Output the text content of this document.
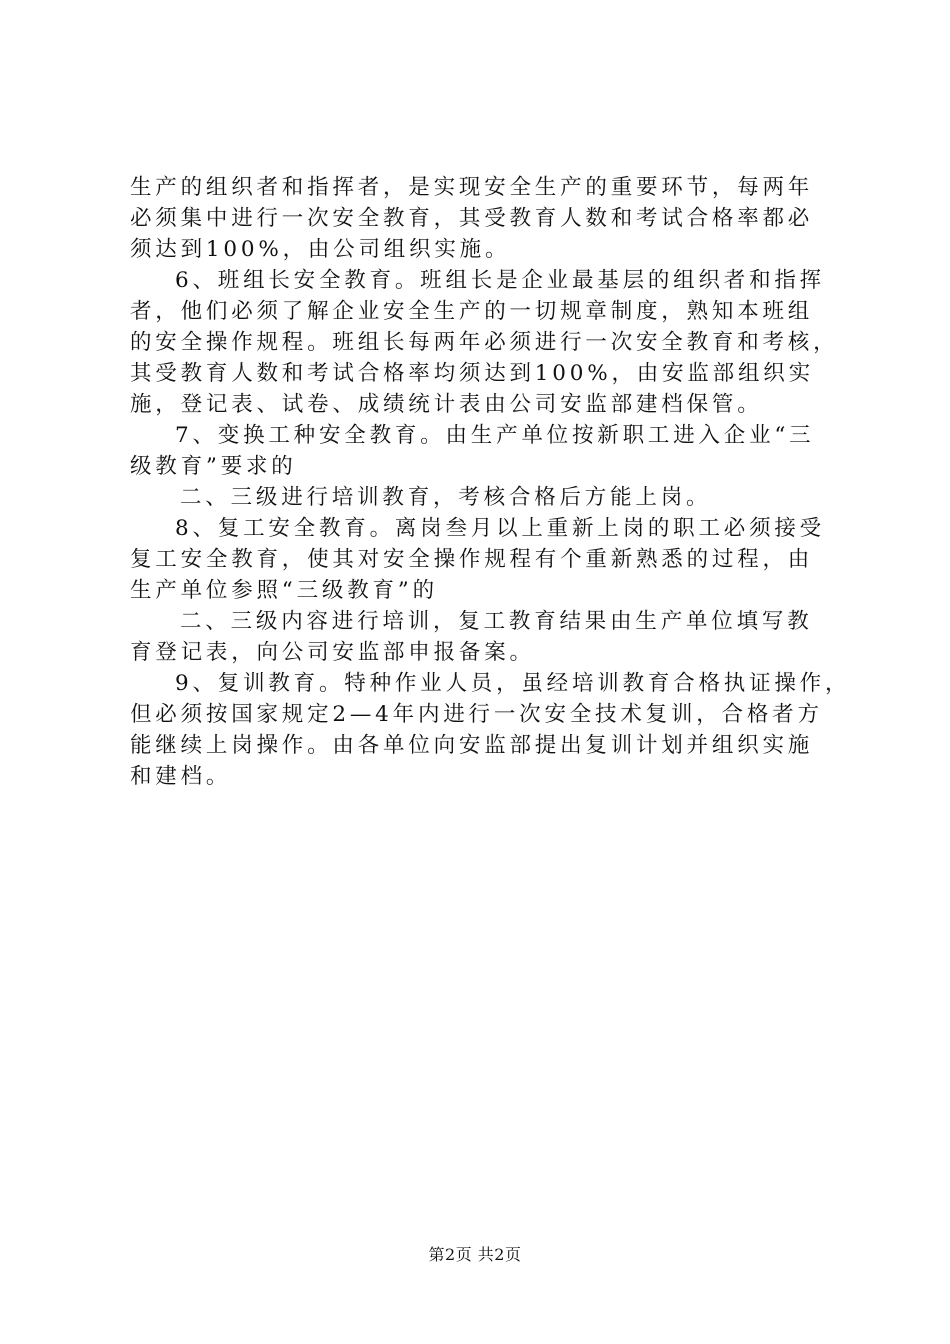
生产的组织者和指挥者，是实现安全生产的重要环节，每两年
必须集中进行一次安全教育，其受教育人数和考试合格率都必
须达到100%，由公司组织实施。
6、班组长安全教育。班组长是企业最基层的组织者和指挥
者，他们必须了解企业安全生产的一切规章制度，熟知本班组
的安全操作规程。班组长每两年必须进行一次安全教育和考核，
其受教育人数和考试合格率均须达到100%，由安监部组织实
施，登记表、试卷、成绩统计表由公司安监部建档保管。
7、变换工种安全教育。由生产单位按新职工进入企业“三
级教育”要求的
二、三级进行培训教育，考核合格后方能上岗。
8、复工安全教育。离岗叁月以上重新上岗的职工必须接受
复工安全教育，使其对安全操作规程有个重新熟悉的过程，由
生产单位参照“三级教育”的
二、三级内容进行培训，复工教育结果由生产单位填写教
育登记表，向公司安监部申报备案。
9、复训教育。特种作业人员，虽经培训教育合格执证操作，
但必须按国家规定2—4年内进行一次安全技术复训，合格者方
能继续上岗操作。由各单位向安监部提出复训计划并组织实施
和建档。
第2页 共2页
